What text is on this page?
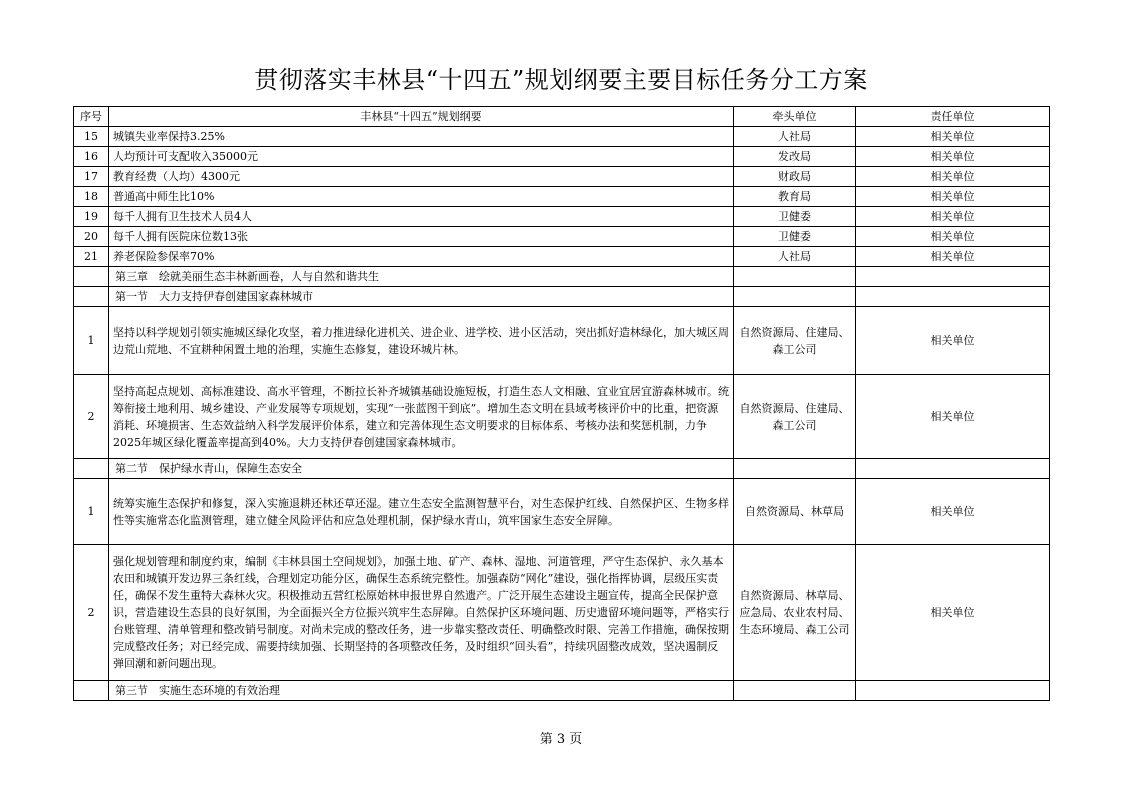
贯彻落实丰林县“十四五”规划纲要主要目标任务分工方案
序号	丰林县“十四五”规划纲要	牵头单位	责任单位
15	城镇失业率保持3.25%	人社局	相关单位
16	人均预计可支配收入35000元	发改局	相关单位
17	教育经费（人均）4300元	财政局	相关单位
18	普通高中师生比10%	教育局	相关单位
19	每千人拥有卫生技术人员4人	卫健委	相关单位
20	每千人拥有医院床位数13张	卫健委	相关单位
21	养老保险参保率70%	人社局	相关单位
	第三章　绘就美丽生态丰林新画卷，人与自然和谐共生		
	第一节　大力支持伊春创建国家森林城市		
1	坚持以科学规划引领实施城区绿化攻坚，着力推进绿化进机关、进企业、进学校、进小区活动，突出抓好造林绿化，加大城区周边荒山荒地、不宜耕种闲置土地的治理，实施生态修复，建设环城片林。	自然资源局、住建局、森工公司	相关单位
2	坚持高起点规划、高标准建设、高水平管理，不断拉长补齐城镇基础设施短板，打造生态人文相融、宜业宜居宜游森林城市。统筹衔接土地利用、城乡建设、产业发展等专项规划，实现“一张蓝图干到底”。增加生态文明在县域考核评价中的比重，把资源消耗、环境损害、生态效益纳入科学发展评价体系，建立和完善体现生态文明要求的目标体系、考核办法和奖惩机制，力争2025年城区绿化覆盖率提高到40%。大力支持伊春创建国家森林城市。	自然资源局、住建局、森工公司	相关单位
	第二节　保护绿水青山，保障生态安全		
1	统筹实施生态保护和修复，深入实施退耕还林还草还湿。建立生态安全监测智慧平台，对生态保护红线、自然保护区、生物多样性等实施常态化监测管理，建立健全风险评估和应急处理机制，保护绿水青山，筑牢国家生态安全屏障。	自然资源局、林草局	相关单位
2	强化规划管理和制度约束，编制《丰林县国土空间规划》，加强土地、矿产、森林、湿地、河道管理，严守生态保护、永久基本农田和城镇开发边界三条红线，合理划定功能分区，确保生态系统完整性。加强森防“网化”建设，强化指挥协调，层级压实责任，确保不发生重特大森林火灾。积极推动五营红松原始林申报世界自然遗产。广泛开展生态建设主题宣传，提高全民保护意识，营造建设生态县的良好氛围，为全面振兴全方位振兴筑牢生态屏障。自然保护区环境问题、历史遗留环境问题等，严格实行台账管理、清单管理和整改销号制度。对尚未完成的整改任务，进一步靠实整改责任、明确整改时限、完善工作措施，确保按期完成整改任务；对已经完成、需要持续加强、长期坚持的各项整改任务，及时组织“回头看”，持续巩固整改成效，坚决遏制反弹回潮和新问题出现。	自然资源局、林草局、应急局、农业农村局、生态环境局、森工公司	相关单位
	第三节　实施生态环境的有效治理		
第 3 页
